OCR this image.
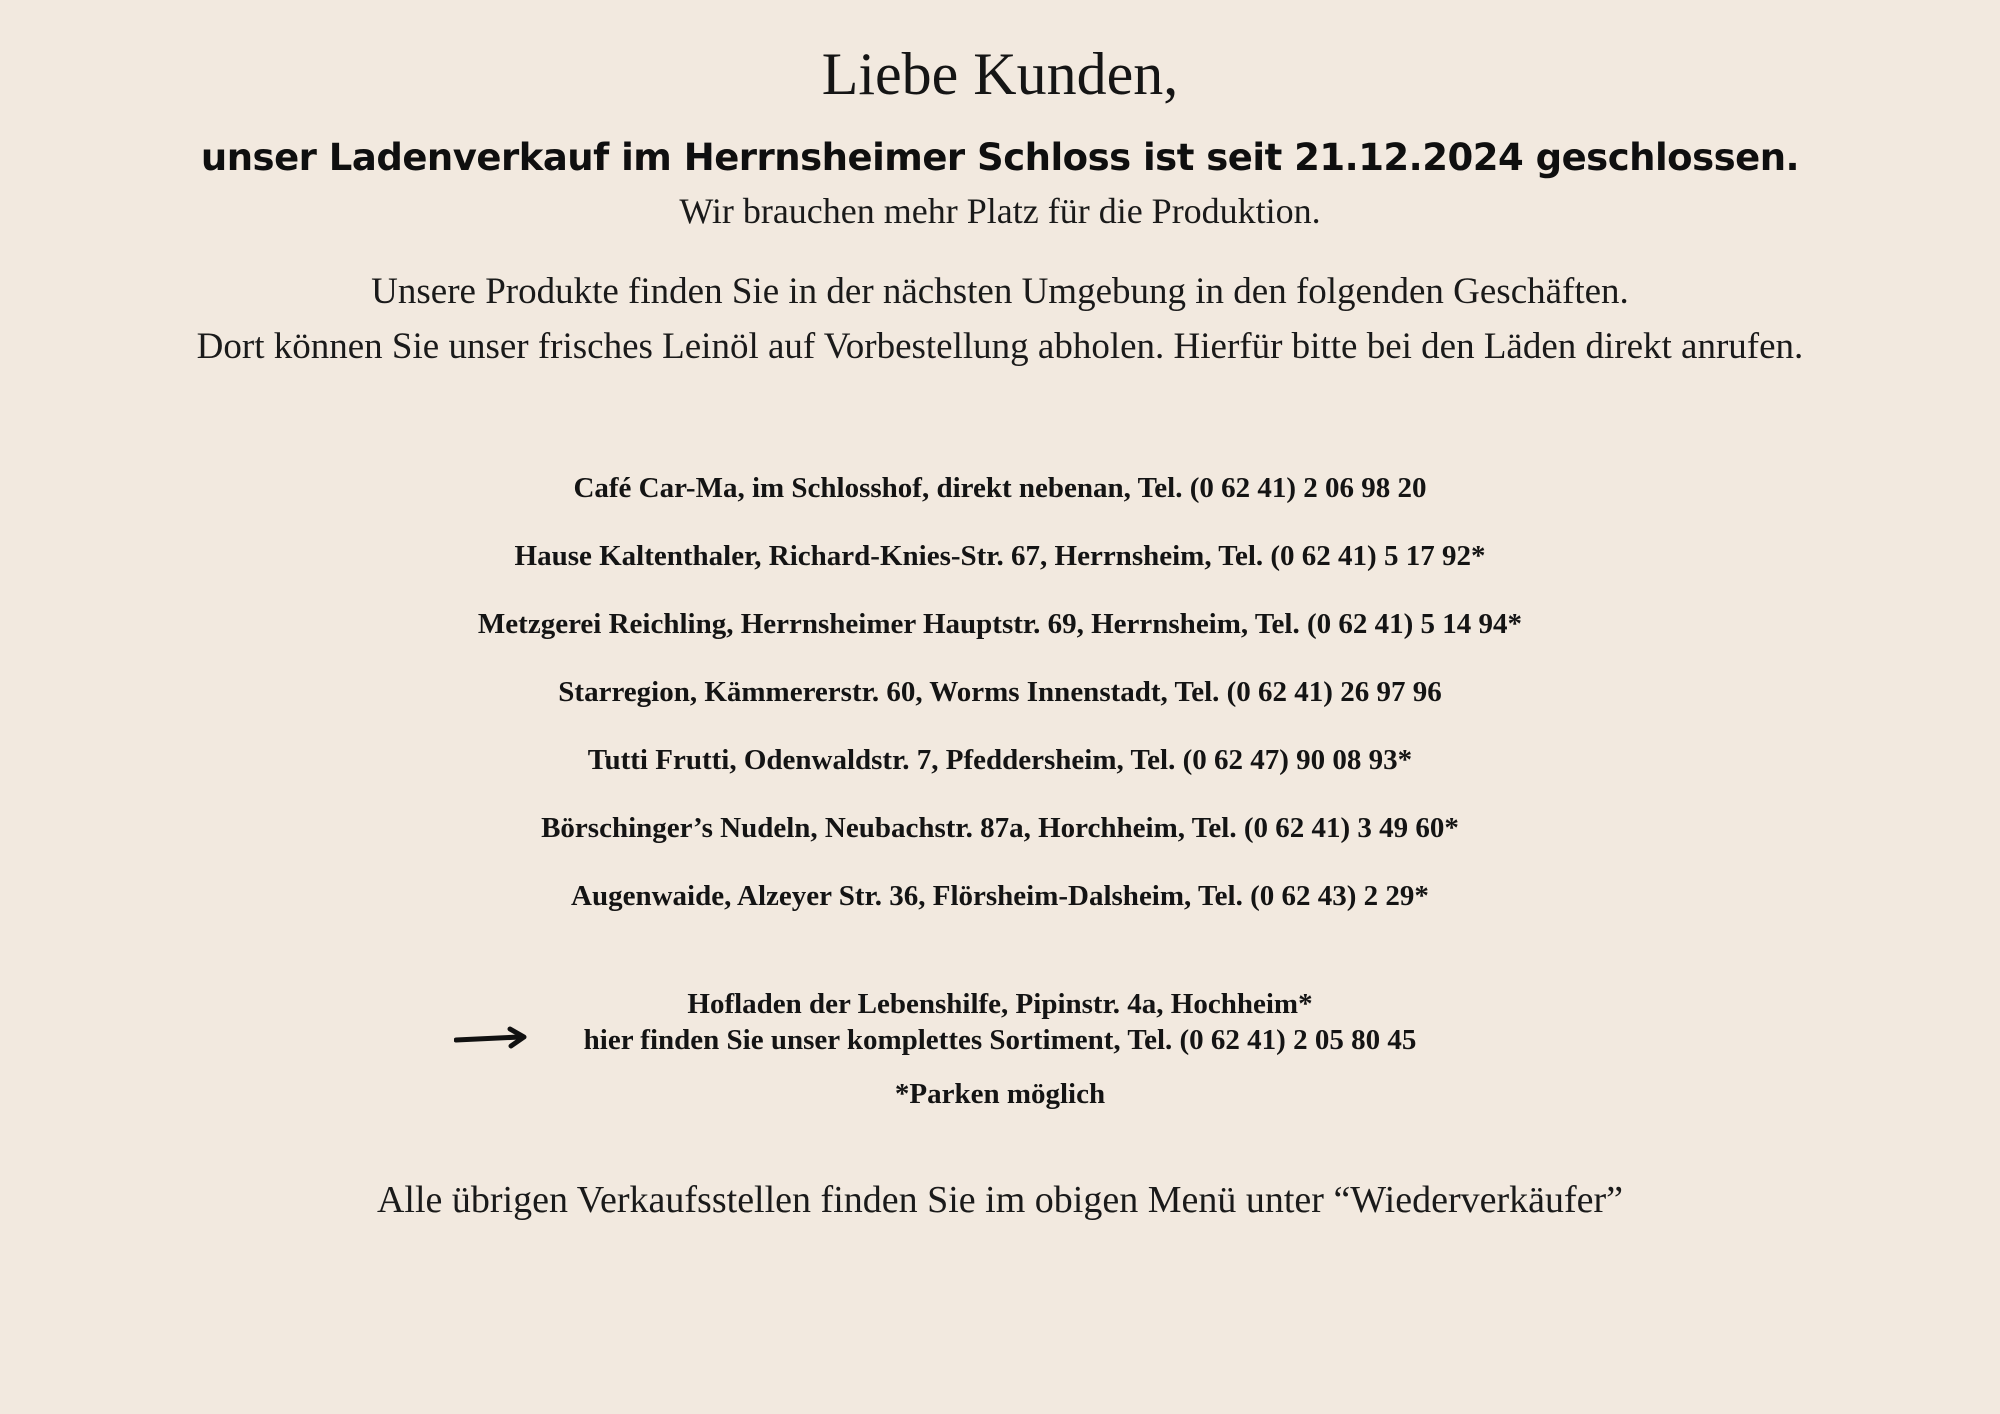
Liebe Kunden,
unser Ladenverkauf im Herrnsheimer Schloss ist seit 21.12.2024 geschlossen.
Wir brauchen mehr Platz für die Produktion.
Unsere Produkte finden Sie in der nächsten Umgebung in den folgenden Geschäften.
Dort können Sie unser frisches Leinöl auf Vorbestellung abholen. Hierfür bitte bei den Läden direkt anrufen.
Café Car-Ma, im Schlosshof, direkt nebenan, Tel. (0 62 41) 2 06 98 20
Hause Kaltenthaler, Richard-Knies-Str. 67, Herrnsheim, Tel. (0 62 41) 5 17 92*
Metzgerei Reichling, Herrnsheimer Hauptstr. 69, Herrnsheim, Tel. (0 62 41) 5 14 94*
Starregion, Kämmererstr. 60, Worms Innenstadt, Tel. (0 62 41) 26 97 96
Tutti Frutti, Odenwaldstr. 7, Pfeddersheim, Tel. (0 62 47) 90 08 93*
Börschinger’s Nudeln, Neubachstr. 87a, Horchheim, Tel. (0 62 41) 3 49 60*
Augenwaide, Alzeyer Str. 36, Flörsheim-Dalsheim, Tel. (0 62 43) 2 29*
Hofladen der Lebenshilfe, Pipinstr. 4a, Hochheim*
hier finden Sie unser komplettes Sortiment, Tel. (0 62 41) 2 05 80 45
*Parken möglich
Alle übrigen Verkaufsstellen finden Sie im obigen Menü unter “Wiederverkäufer”
